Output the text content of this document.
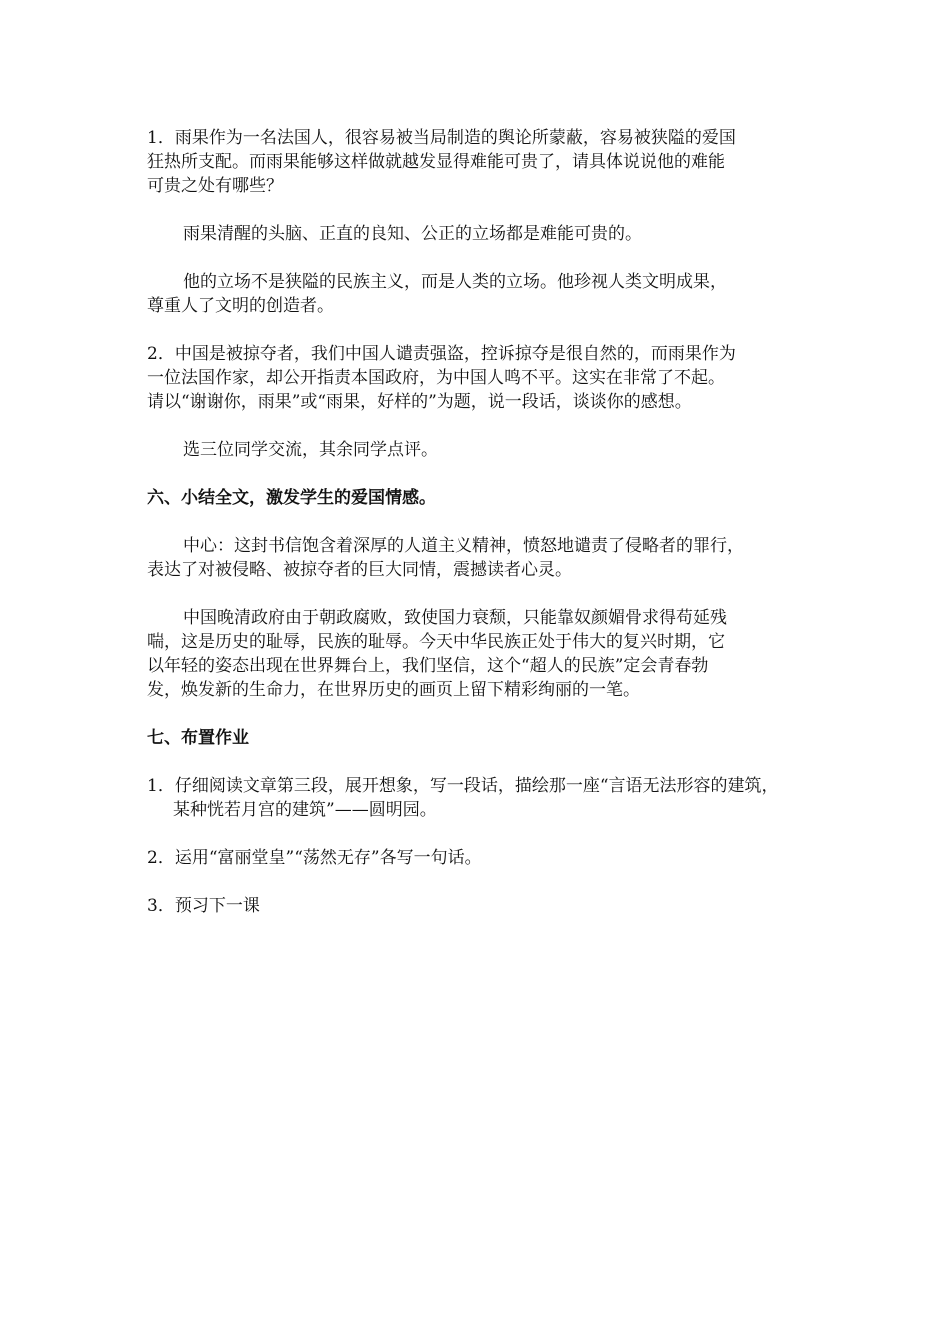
1．雨果作为一名法国人，很容易被当局制造的舆论所蒙蔽，容易被狭隘的爱国
狂热所支配。而雨果能够这样做就越发显得难能可贵了，请具体说说他的难能
可贵之处有哪些？
雨果清醒的头脑、正直的良知、公正的立场都是难能可贵的。
他的立场不是狭隘的民族主义，而是人类的立场。他珍视人类文明成果，
尊重人了文明的创造者。
2．中国是被掠夺者，我们中国人谴责强盗，控诉掠夺是很自然的，而雨果作为
一位法国作家，却公开指责本国政府，为中国人鸣不平。这实在非常了不起。
请以“谢谢你，雨果”或“雨果，好样的”为题，说一段话，谈谈你的感想。
选三位同学交流，其余同学点评。
六、小结全文，激发学生的爱国情感。
中心：这封书信饱含着深厚的人道主义精神，愤怒地谴责了侵略者的罪行，
表达了对被侵略、被掠夺者的巨大同情，震撼读者心灵。
中国晚清政府由于朝政腐败，致使国力衰颓，只能靠奴颜媚骨求得苟延残
喘，这是历史的耻辱，民族的耻辱。今天中华民族正处于伟大的复兴时期，它
以年轻的姿态出现在世界舞台上，我们坚信，这个“超人的民族”定会青春勃
发，焕发新的生命力，在世界历史的画页上留下精彩绚丽的一笔。
七、布置作业
1．仔细阅读文章第三段，展开想象，写一段话，描绘那一座“言语无法形容的建筑，
某种恍若月宫的建筑”——圆明园。
2．运用“富丽堂皇”“荡然无存”各写一句话。
3．预习下一课
